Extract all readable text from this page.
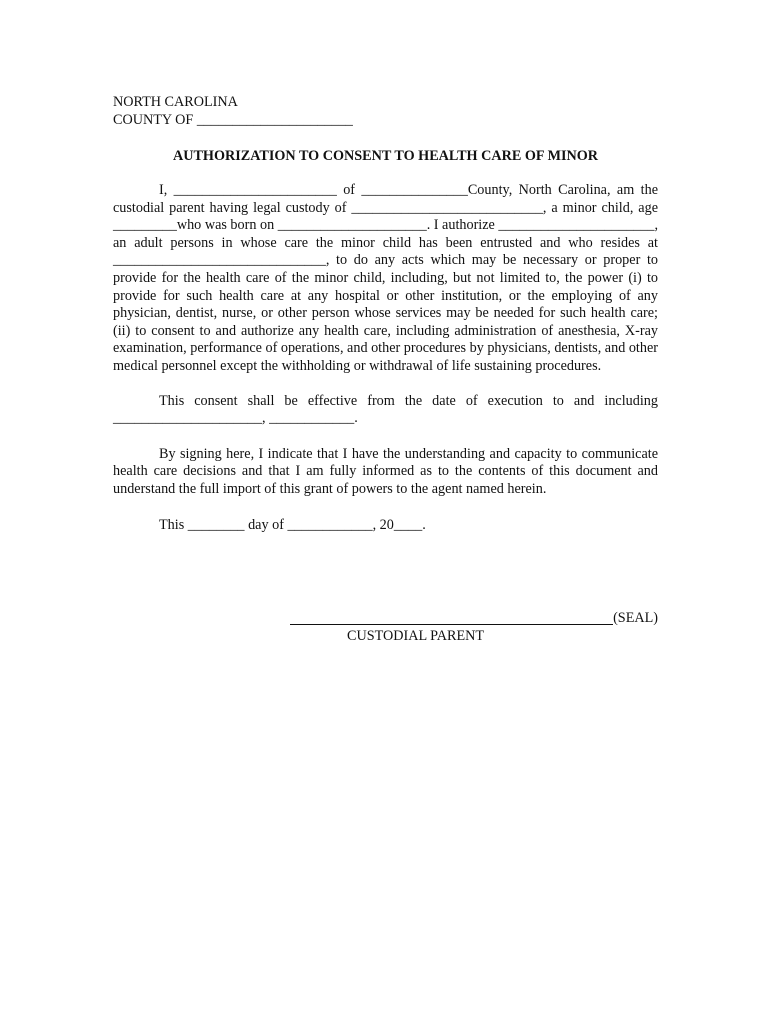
NORTH CAROLINA
COUNTY OF ______________________
AUTHORIZATION TO CONSENT TO HEALTH CARE OF MINOR

I, _______________________ of _______________County, North Carolina, am the custodial parent having legal custody of ___________________________, a minor child, age _________who was born on _____________________. I authorize ______________________, an adult persons in whose care the minor child has been entrusted and who resides at ______________________________, to do any acts which may be necessary or proper to provide for the health care of the minor child, including, but not limited to, the power (i) to provide for such health care at any hospital or other institution, or the employing of any physician, dentist, nurse, or other person whose services may be needed for such health care; (ii) to consent to and authorize any health care, including administration of anesthesia, X-ray examination, performance of operations, and other procedures by physicians, dentists, and other medical personnel except the withholding or withdrawal of life sustaining procedures.

This consent shall be effective from the date of execution to and including _____________________, ____________.

By signing here, I indicate that I have the understanding and capacity to communicate health care decisions and that I am fully informed as to the contents of this document and understand the full import of this grant of powers to the agent named herein.

This ________ day of ____________, 20____.

(SEAL)
CUSTODIAL PARENT
